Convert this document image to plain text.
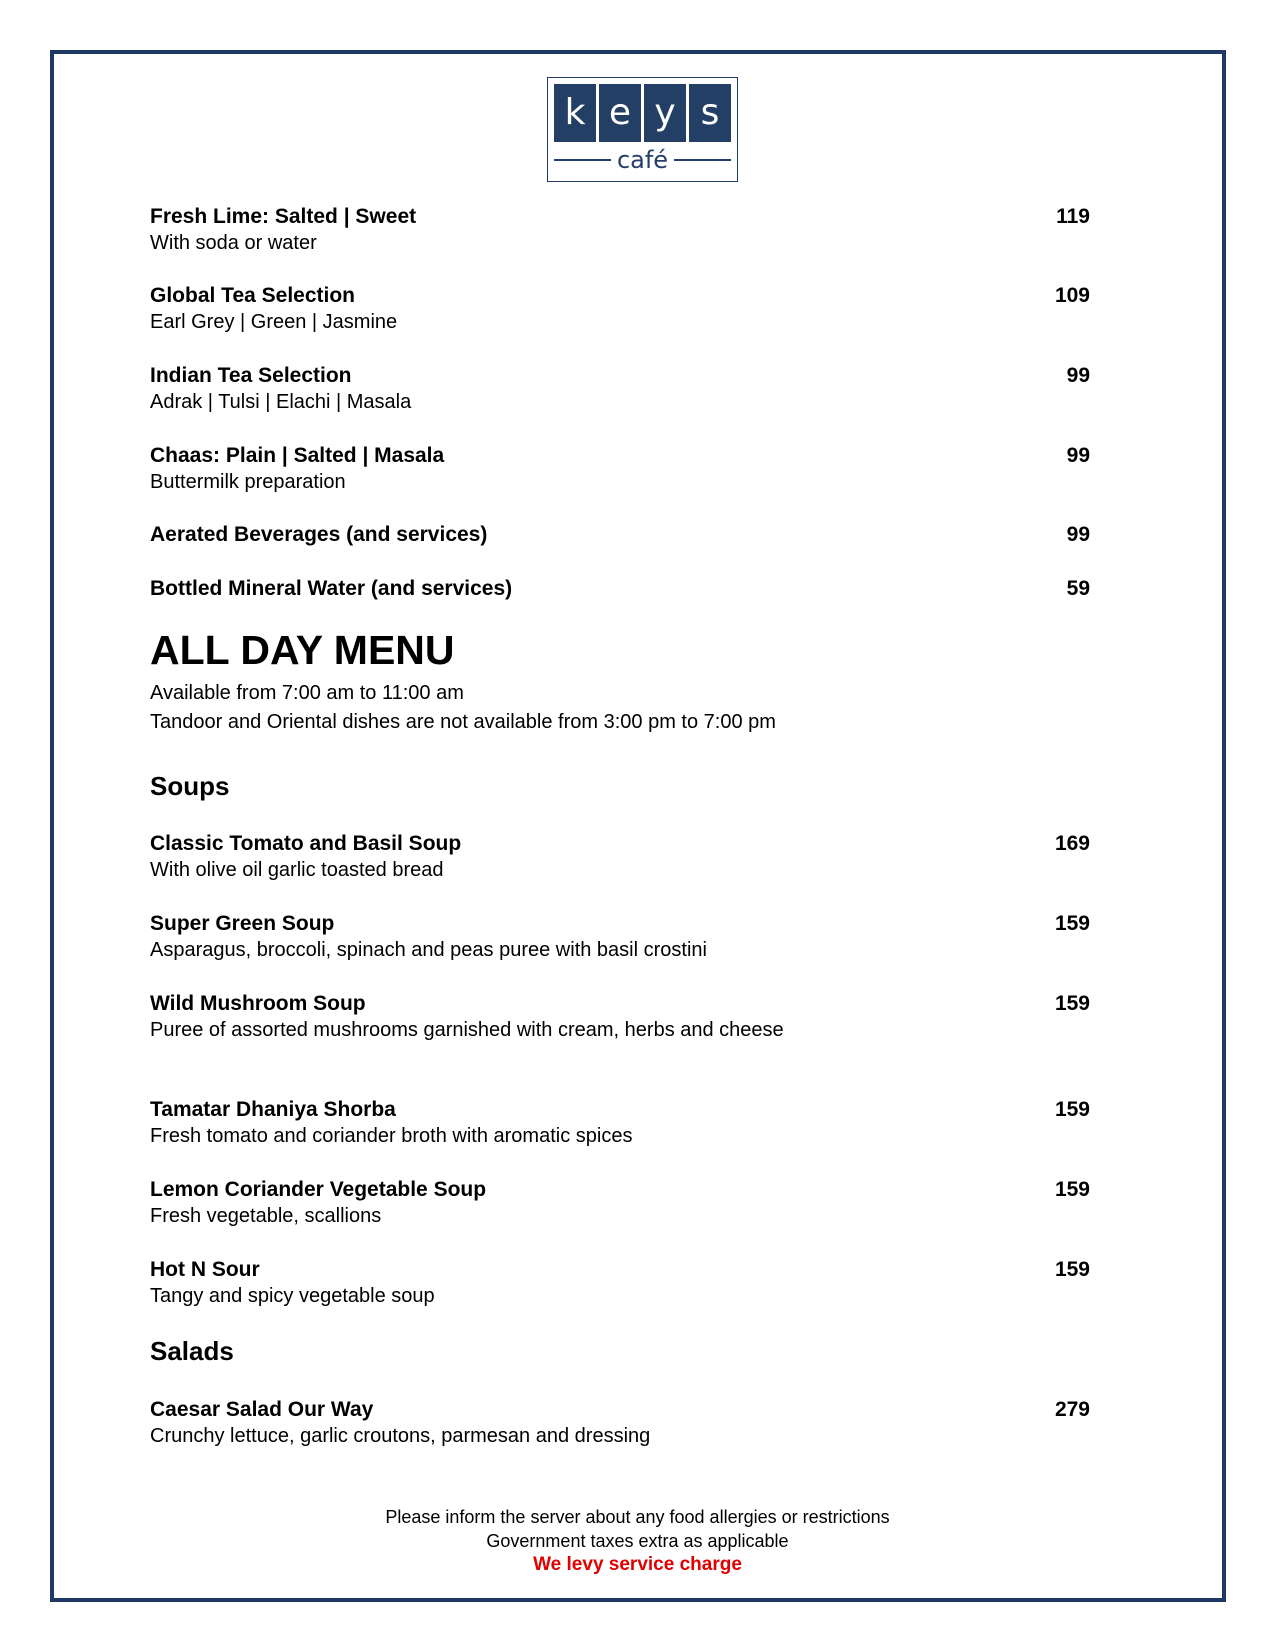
k e y s
café
Fresh Lime: Salted | Sweet
With soda or water
119
Global Tea Selection
Earl Grey | Green | Jasmine
109
Indian Tea Selection
Adrak | Tulsi | Elachi | Masala
99
Chaas: Plain | Salted | Masala
Buttermilk preparation
99
Aerated Beverages (and services)	99
Bottled Mineral Water (and services)	59
ALL DAY MENU
Available from 7:00 am to 11:00 am
Tandoor and Oriental dishes are not available from 3:00 pm to 7:00 pm
Soups
Classic Tomato and Basil Soup
With olive oil garlic toasted bread
169
Super Green Soup
Asparagus, broccoli, spinach and peas puree with basil crostini
159
Wild Mushroom Soup
Puree of assorted mushrooms garnished with cream, herbs and cheese
159
Tamatar Dhaniya Shorba
Fresh tomato and coriander broth with aromatic spices
159
Lemon Coriander Vegetable Soup
Fresh vegetable, scallions
159
Hot N Sour
Tangy and spicy vegetable soup
159
Salads
Caesar Salad Our Way
Crunchy lettuce, garlic croutons, parmesan and dressing
279
Please inform the server about any food allergies or restrictions
Government taxes extra as applicable
We levy service charge
